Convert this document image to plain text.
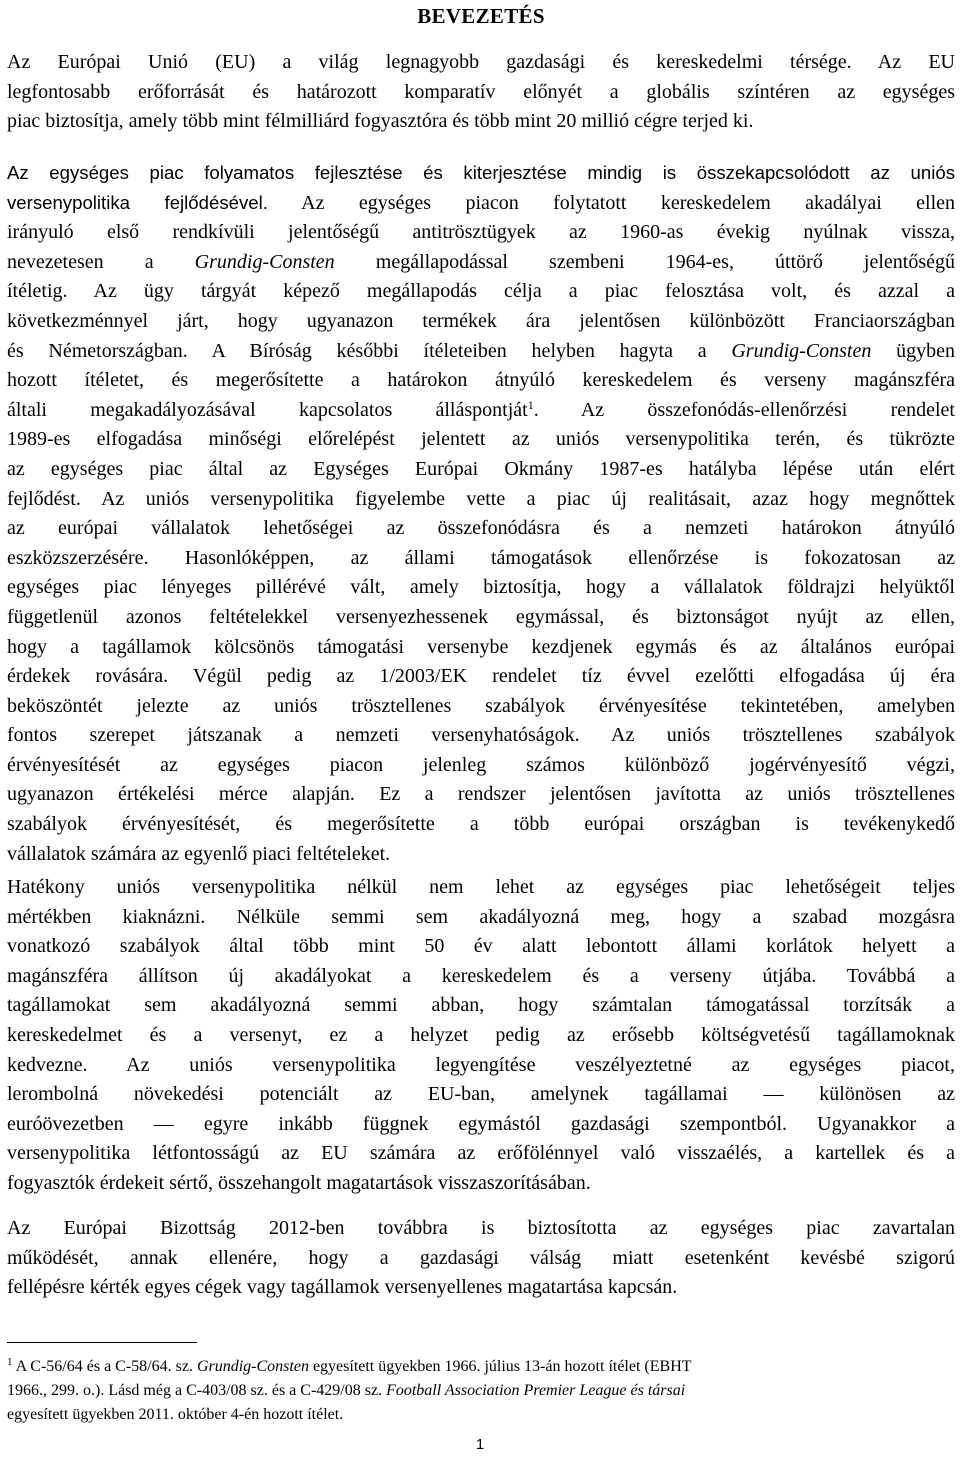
BEVEZETÉS
Az Európai Unió (EU) a világ legnagyobb gazdasági és kereskedelmi térsége. Az EU
legfontosabb erőforrását és határozott komparatív előnyét a globális színtéren az egységes
piac biztosítja, amely több mint félmilliárd fogyasztóra és több mint 20 millió cégre terjed ki.
Az egységes piac folyamatos fejlesztése és kiterjesztése mindig is összekapcsolódott az uniós
versenypolitika fejlődésével. Az egységes piacon folytatott kereskedelem akadályai ellen
irányuló első rendkívüli jelentőségű antitrösztügyek az 1960-as évekig nyúlnak vissza,
nevezetesen a Grundig-Consten megállapodással szembeni 1964-es, úttörő jelentőségű
ítéletig. Az ügy tárgyát képező megállapodás célja a piac felosztása volt, és azzal a
következménnyel járt, hogy ugyanazon termékek ára jelentősen különbözött Franciaországban
és Németországban. A Bíróság későbbi ítéleteiben helyben hagyta a Grundig-Consten ügyben
hozott ítéletet, és megerősítette a határokon átnyúló kereskedelem és verseny magánszféra
általi megakadályozásával kapcsolatos álláspontját$^1$. Az összefonódás-ellenőrzési rendelet
1989-es elfogadása minőségi előrelépést jelentett az uniós versenypolitika terén, és tükrözte
az egységes piac által az Egységes Európai Okmány 1987-es hatályba lépése után elért
fejlődést. Az uniós versenypolitika figyelembe vette a piac új realitásait, azaz hogy megnőttek
az európai vállalatok lehetőségei az összefonódásra és a nemzeti határokon átnyúló
eszközszerzésére. Hasonlóképpen, az állami támogatások ellenőrzése is fokozatosan az
egységes piac lényeges pillérévé vált, amely biztosítja, hogy a vállalatok földrajzi helyüktől
függetlenül azonos feltételekkel versenyezhessenek egymással, és biztonságot nyújt az ellen,
hogy a tagállamok kölcsönös támogatási versenybe kezdjenek egymás és az általános európai
érdekek rovására. Végül pedig az 1/2003/EK rendelet tíz évvel ezelőtti elfogadása új éra
beköszöntét jelezte az uniós trösztellenes szabályok érvényesítése tekintetében, amelyben
fontos szerepet játszanak a nemzeti versenyhatóságok. Az uniós trösztellenes szabályok
érvényesítését az egységes piacon jelenleg számos különböző jogérvényesítő végzi,
ugyanazon értékelési mérce alapján. Ez a rendszer jelentősen javította az uniós trösztellenes
szabályok érvényesítését, és megerősítette a több európai országban is tevékenykedő
vállalatok számára az egyenlő piaci feltételeket.
Hatékony uniós versenypolitika nélkül nem lehet az egységes piac lehetőségeit teljes
mértékben kiaknázni. Nélküle semmi sem akadályozná meg, hogy a szabad mozgásra
vonatkozó szabályok által több mint 50 év alatt lebontott állami korlátok helyett a
magánszféra állítson új akadályokat a kereskedelem és a verseny útjába. Továbbá a
tagállamokat sem akadályozná semmi abban, hogy számtalan támogatással torzítsák a
kereskedelmet és a versenyt, ez a helyzet pedig az erősebb költségvetésű tagállamoknak
kedvezne. Az uniós versenypolitika legyengítése veszélyeztetné az egységes piacot,
lerombolná növekedési potenciált az EU-ban, amelynek tagállamai — különösen az
euróövezetben — egyre inkább függnek egymástól gazdasági szempontból. Ugyanakkor a
versenypolitika létfontosságú az EU számára az erőfölénnyel való visszaélés, a kartellek és a
fogyasztók érdekeit sértő, összehangolt magatartások visszaszorításában.
Az Európai Bizottság 2012-ben továbbra is biztosította az egységes piac zavartalan
működését, annak ellenére, hogy a gazdasági válság miatt esetenként kevésbé szigorú
fellépésre kérték egyes cégek vagy tagállamok versenyellenes magatartása kapcsán.
$^1$ A C-56/64 és a C-58/64. sz. Grundig-Consten egyesített ügyekben 1966. július 13-án hozott ítélet (EBHT
1966., 299. o.). Lásd még a C-403/08 sz. és a C-429/08 sz. Football Association Premier League és társai
egyesített ügyekben 2011. október 4-én hozott ítélet.
1
